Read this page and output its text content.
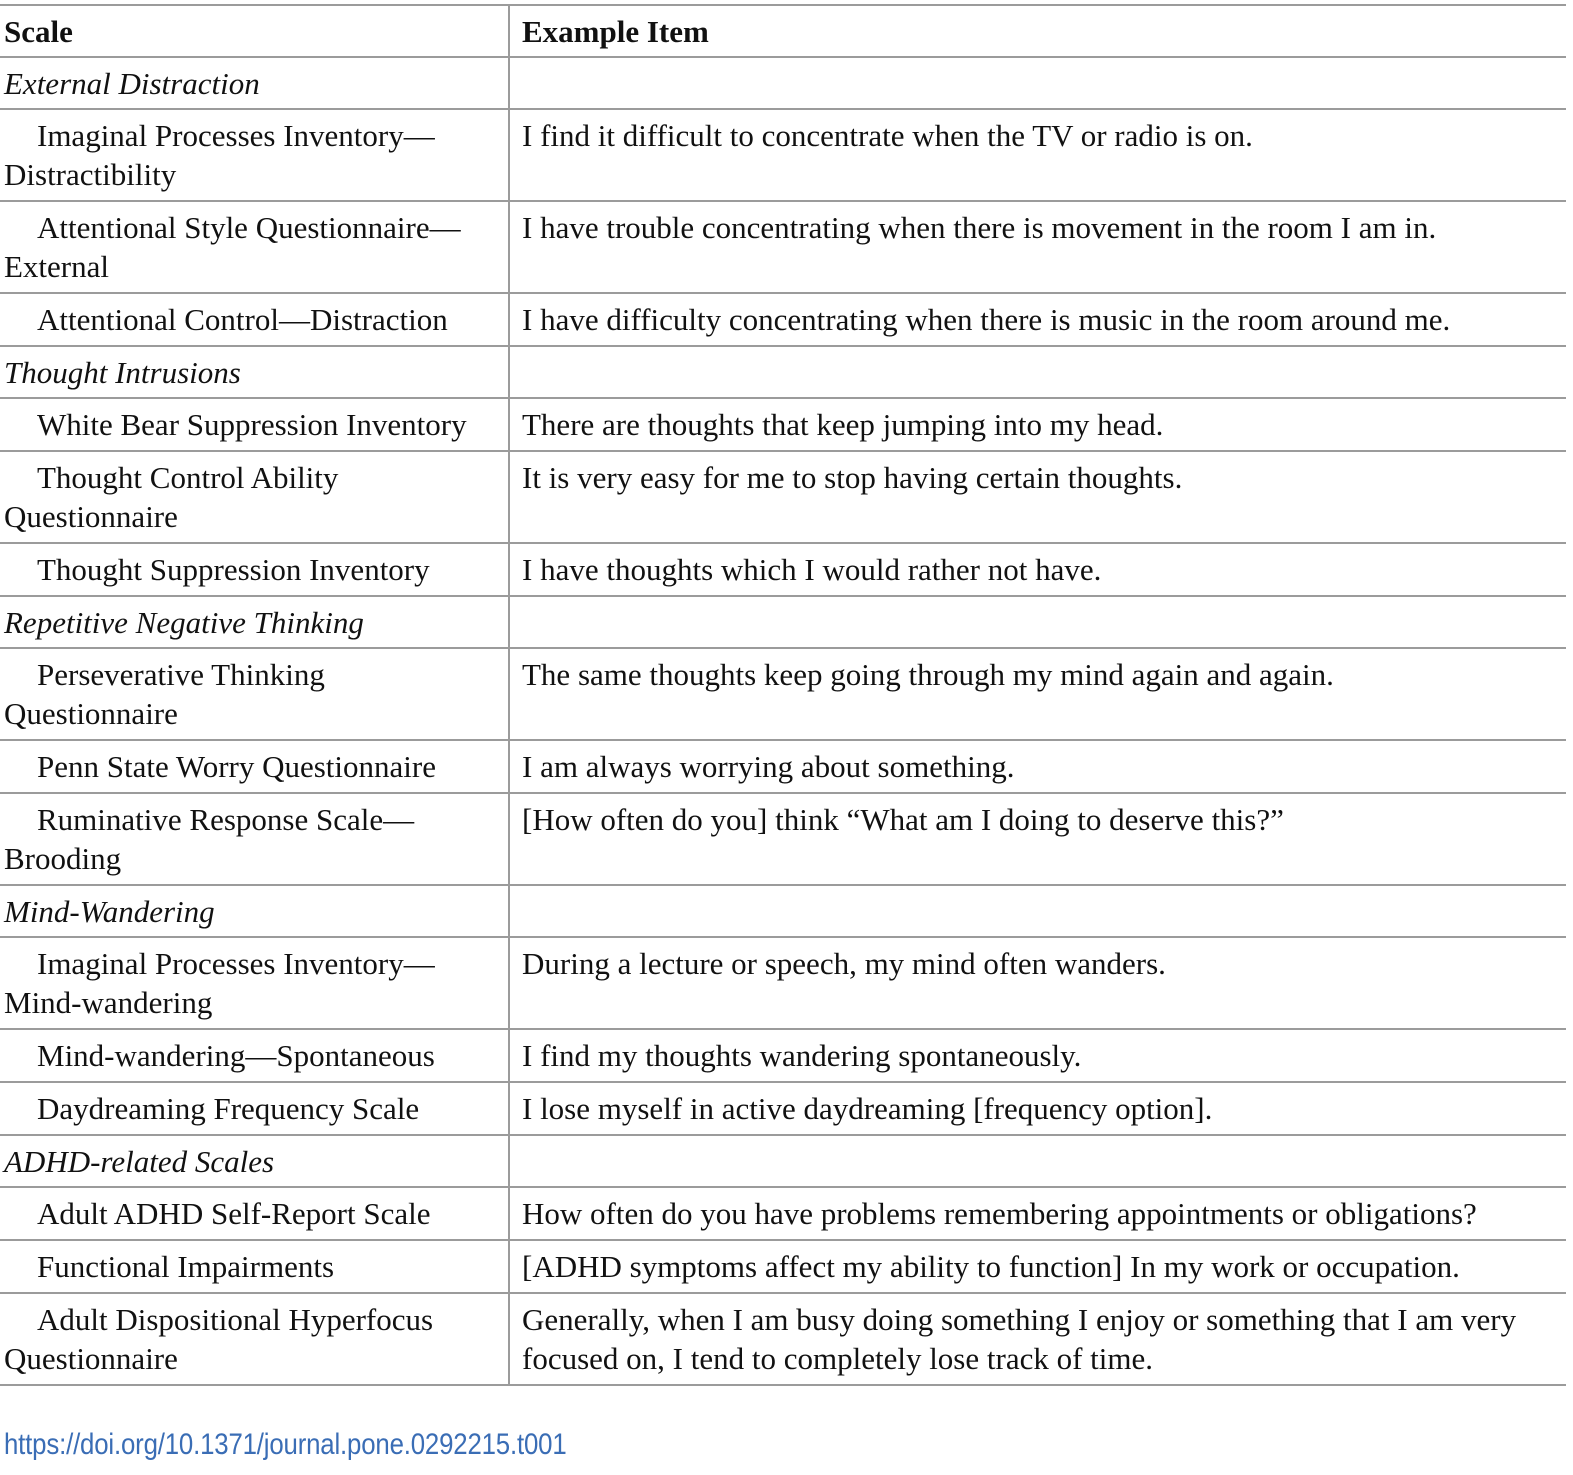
Scale	Example Item
External Distraction	
Imaginal Processes Inventory—Distractibility	I find it difficult to concentrate when the TV or radio is on.
Attentional Style Questionnaire—External	I have trouble concentrating when there is movement in the room I am in.
Attentional Control—Distraction	I have difficulty concentrating when there is music in the room around me.
Thought Intrusions	
White Bear Suppression Inventory	There are thoughts that keep jumping into my head.
Thought Control Ability Questionnaire	It is very easy for me to stop having certain thoughts.
Thought Suppression Inventory	I have thoughts which I would rather not have.
Repetitive Negative Thinking	
Perseverative Thinking Questionnaire	The same thoughts keep going through my mind again and again.
Penn State Worry Questionnaire	I am always worrying about something.
Ruminative Response Scale—Brooding	[How often do you] think “What am I doing to deserve this?”
Mind-Wandering	
Imaginal Processes Inventory—Mind-wandering	During a lecture or speech, my mind often wanders.
Mind-wandering—Spontaneous	I find my thoughts wandering spontaneously.
Daydreaming Frequency Scale	I lose myself in active daydreaming [frequency option].
ADHD-related Scales	
Adult ADHD Self-Report Scale	How often do you have problems remembering appointments or obligations?
Functional Impairments	[ADHD symptoms affect my ability to function] In my work or occupation.
Adult Dispositional Hyperfocus Questionnaire	Generally, when I am busy doing something I enjoy or something that I am very focused on, I tend to completely lose track of time.
https://doi.org/10.1371/journal.pone.0292215.t001
